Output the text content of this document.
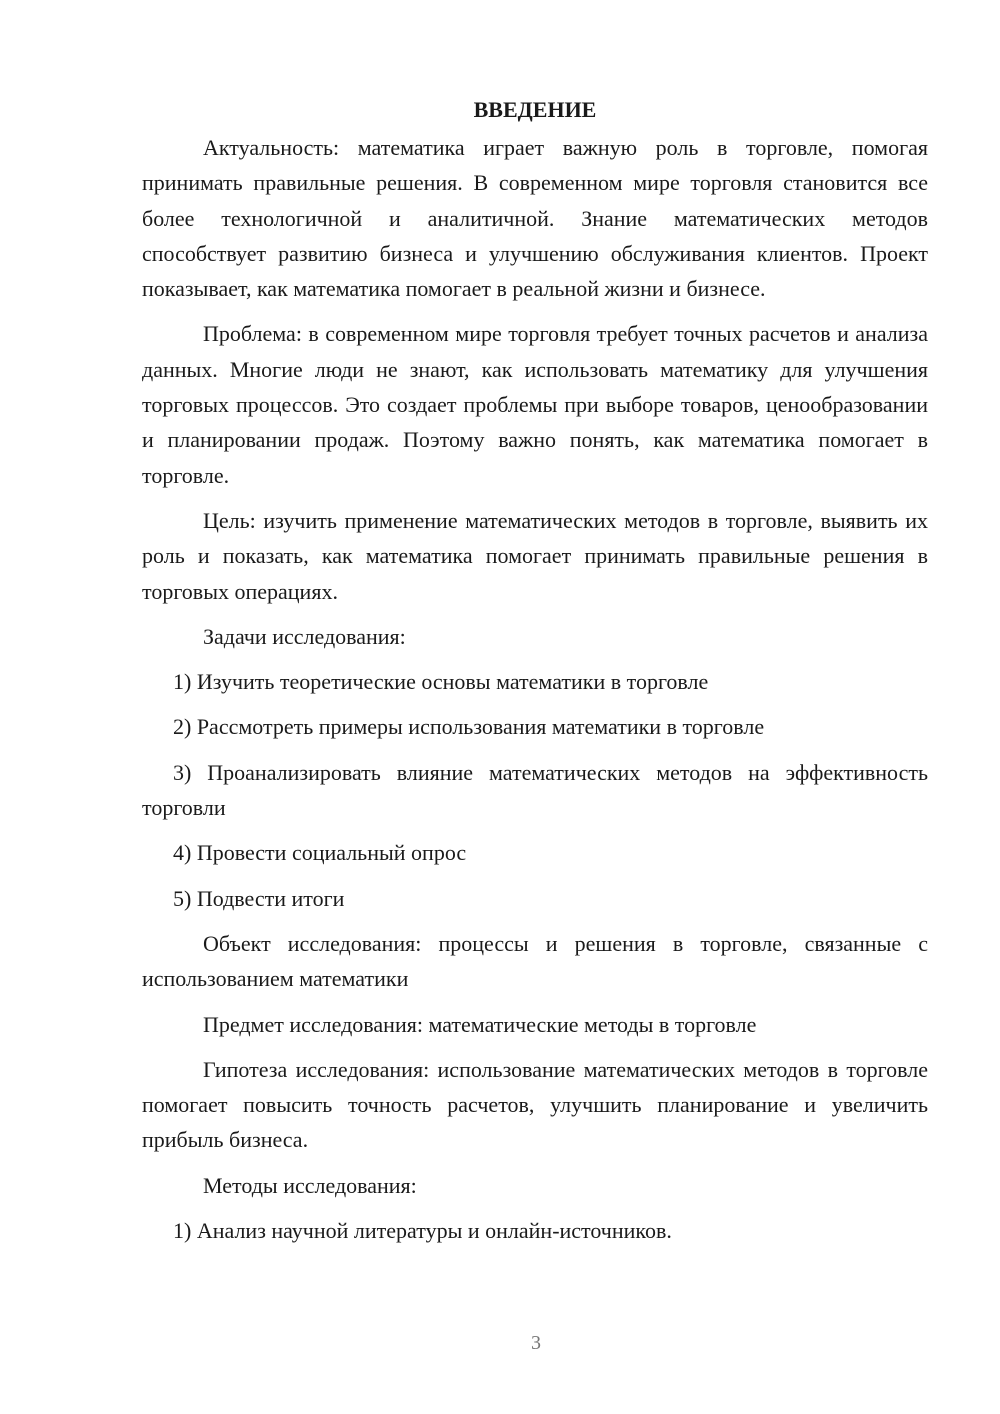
ВВЕДЕНИЕ

Актуальность: математика играет важную роль в торговле, помогая принимать правильные решения. В современном мире торговля становится все более технологичной и аналитичной. Знание математических методов способствует развитию бизнеса и улучшению обслуживания клиентов. Проект показывает, как математика помогает в реальной жизни и бизнесе.

Проблема: в современном мире торговля требует точных расчетов и анализа данных. Многие люди не знают, как использовать математику для улучшения торговых процессов. Это создает проблемы при выборе товаров, ценообразовании и планировании продаж. Поэтому важно понять, как математика помогает в торговле.

Цель: изучить применение математических методов в торговле, выявить их роль и показать, как математика помогает принимать правильные решения в торговых операциях.

Задачи исследования:

1) Изучить теоретические основы математики в торговле

2) Рассмотреть примеры использования математики в торговле

3) Проанализировать влияние математических методов на эффективность торговли

4) Провести социальный опрос

5) Подвести итоги

Объект исследования: процессы и решения в торговле, связанные с использованием математики

Предмет исследования: математические методы в торговле

Гипотеза исследования: использование математических методов в торговле помогает повысить точность расчетов, улучшить планирование и увеличить прибыль бизнеса.

Методы исследования:

1) Анализ научной литературы и онлайн-источников.

3
